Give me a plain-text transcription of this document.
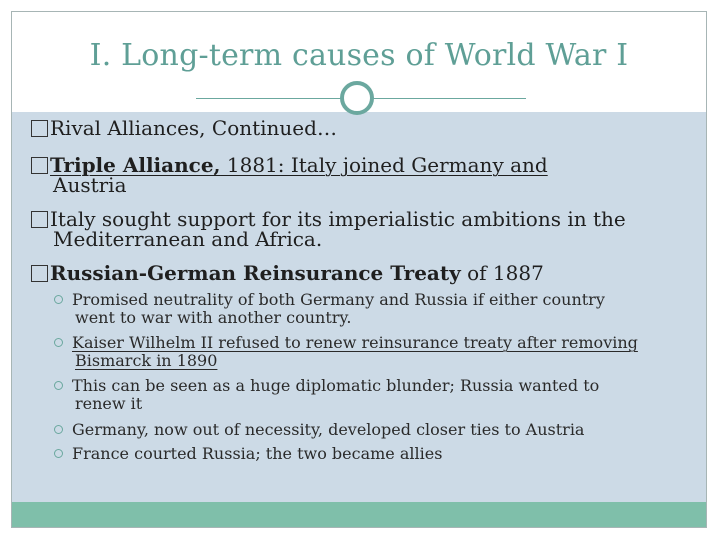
I. Long-term causes of World War I
Rival Alliances, Continued…
Triple Alliance, 1881: Italy joined Germany and
Austria
Italy sought support for its imperialistic ambitions in the
Mediterranean and Africa.
Russian-German Reinsurance Treaty of 1887
Promised neutrality of both Germany and Russia if either country
went to war with another country.
Kaiser Wilhelm II refused to renew reinsurance treaty after removing
Bismarck in 1890
This can be seen as a huge diplomatic blunder; Russia wanted to
renew it
Germany, now out of necessity, developed closer ties to Austria
France courted Russia; the two became allies
